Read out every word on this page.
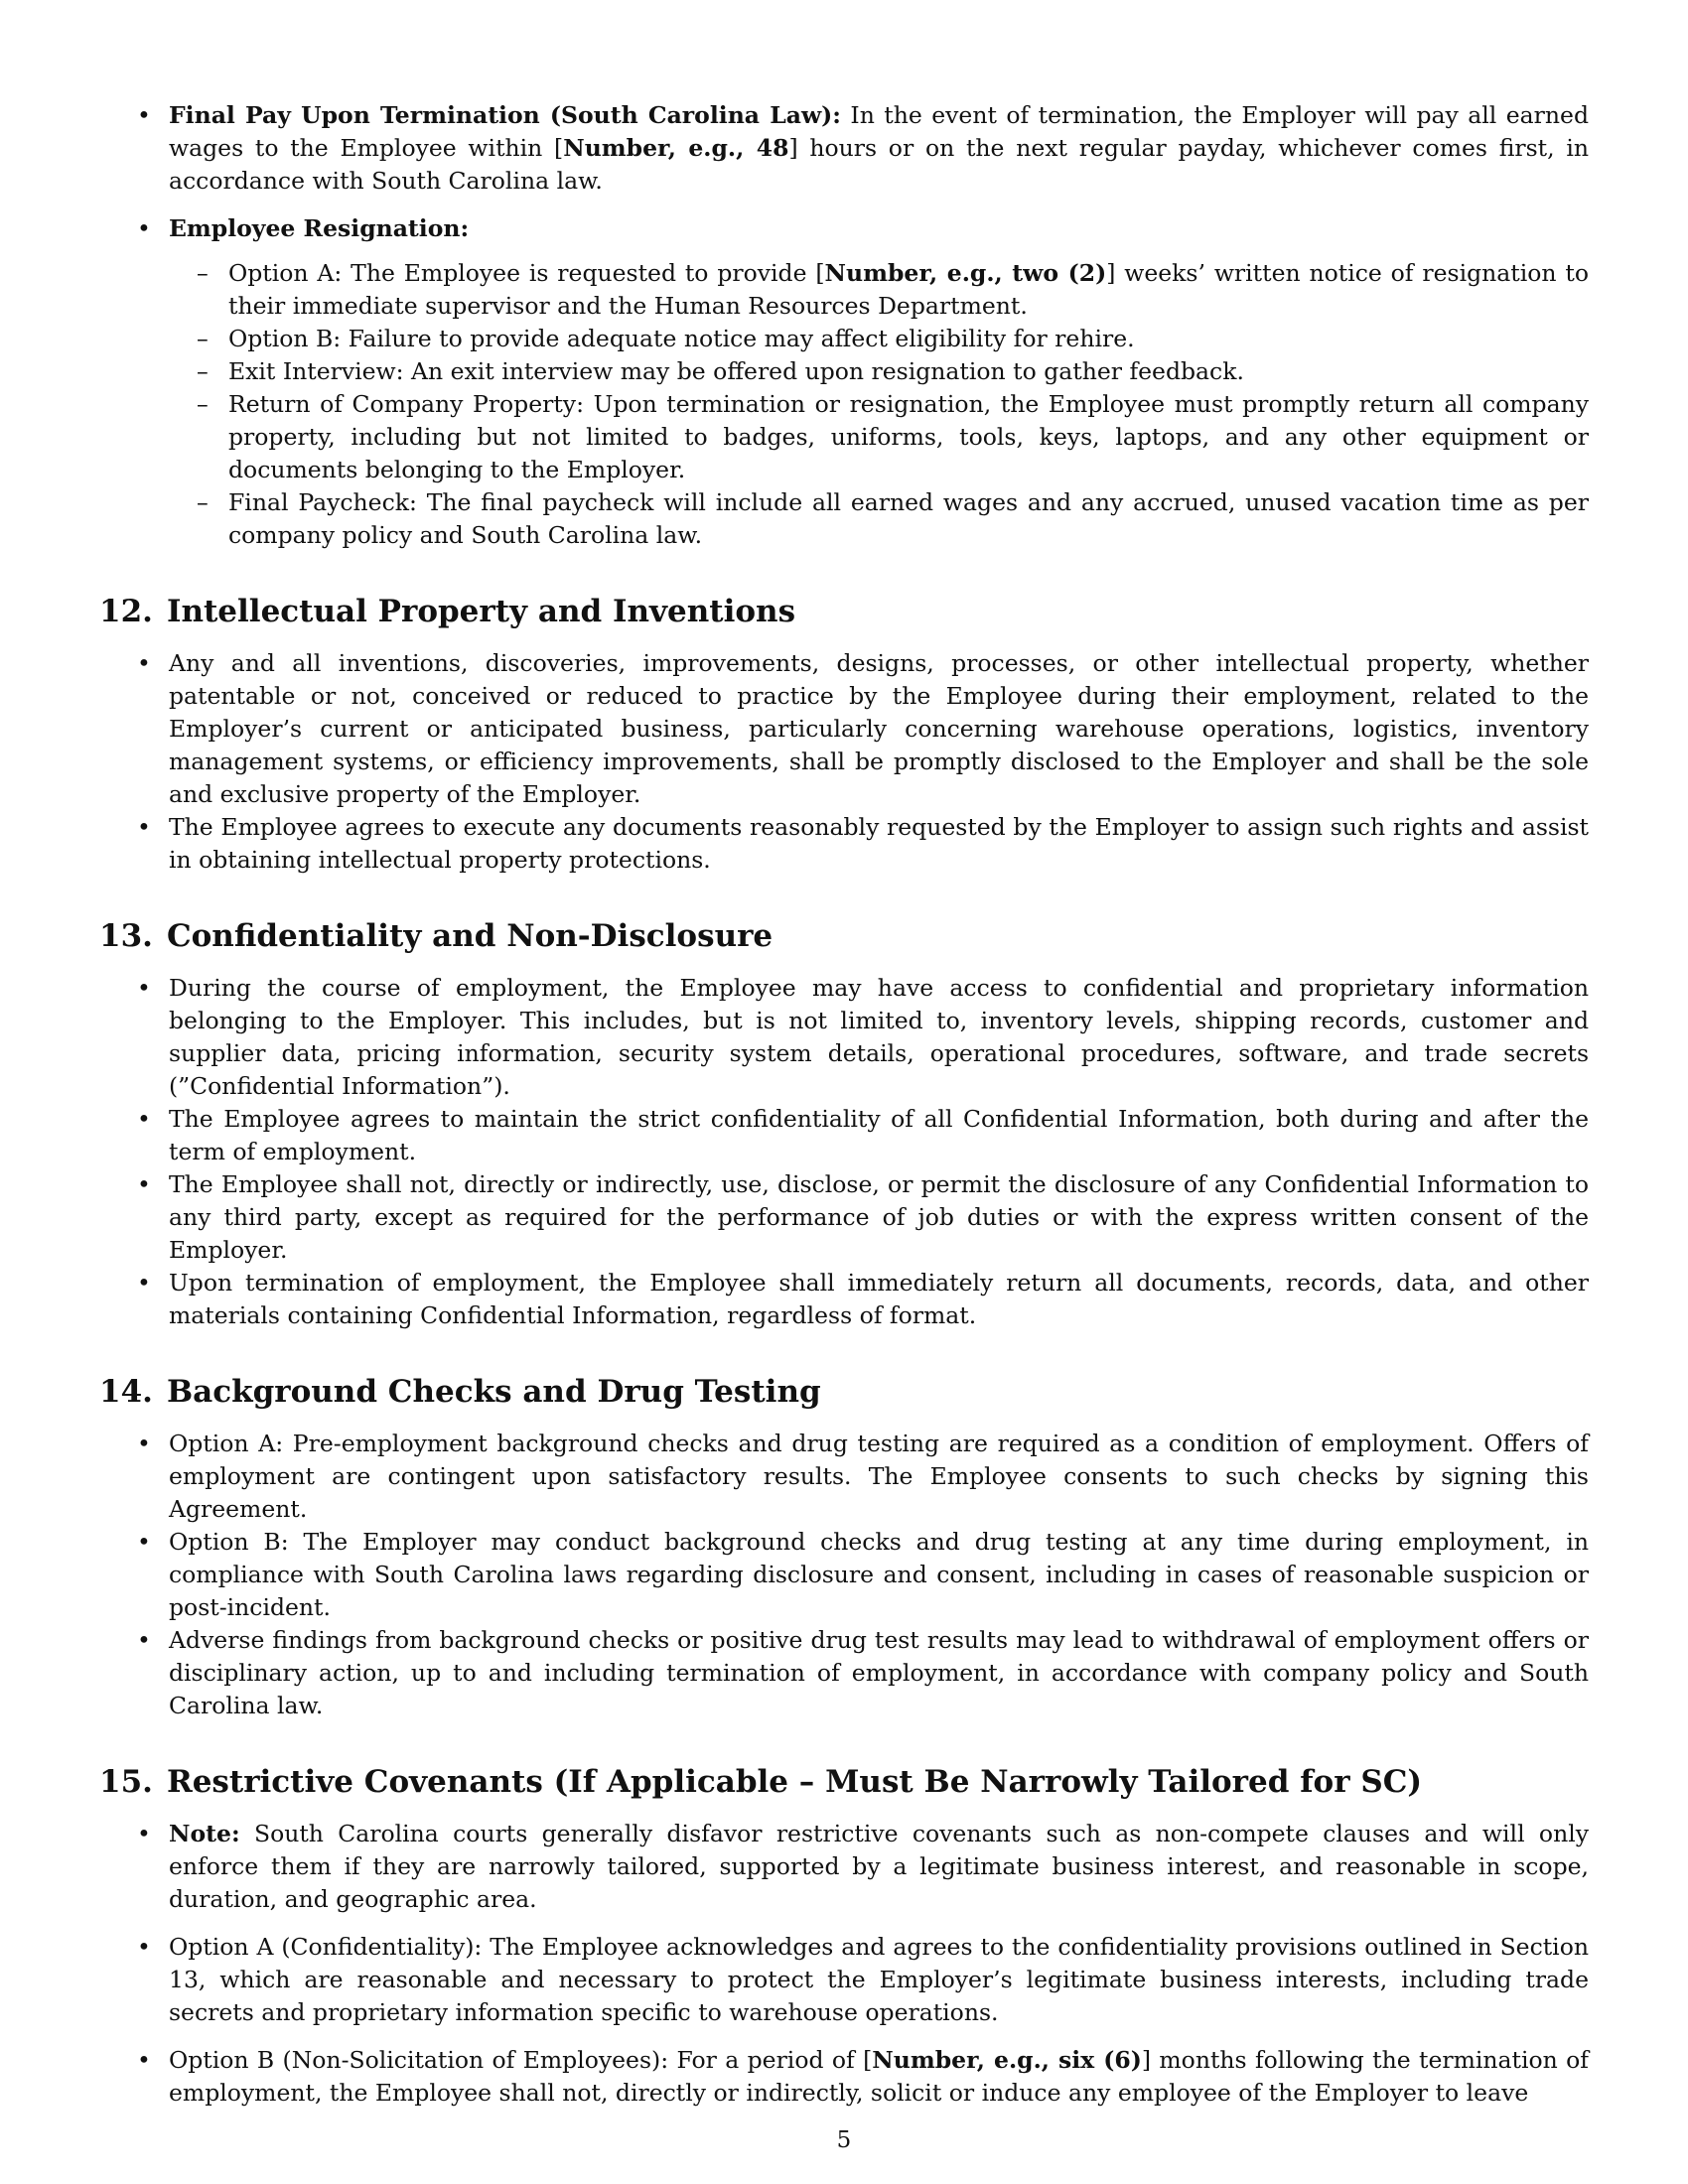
• Final Pay Upon Termination (South Carolina Law): In the event of termination, the Employer will pay all earned wages to the Employee within [Number, e.g., 48] hours or on the next regular payday, whichever comes first, in accordance with South Carolina law.
• Employee Resignation:
– Option A: The Employee is requested to provide [Number, e.g., two (2)] weeks’ written notice of resignation to their immediate supervisor and the Human Resources Department.
– Option B: Failure to provide adequate notice may affect eligibility for rehire.
– Exit Interview: An exit interview may be offered upon resignation to gather feedback.
– Return of Company Property: Upon termination or resignation, the Employee must promptly return all company property, including but not limited to badges, uniforms, tools, keys, laptops, and any other equipment or documents belonging to the Employer.
– Final Paycheck: The final paycheck will include all earned wages and any accrued, unused vacation time as per company policy and South Carolina law.
12. Intellectual Property and Inventions
• Any and all inventions, discoveries, improvements, designs, processes, or other intellectual property, whether patentable or not, conceived or reduced to practice by the Employee during their employment, related to the Employer’s current or anticipated business, particularly concerning warehouse operations, logistics, inventory management systems, or efficiency improvements, shall be promptly disclosed to the Employer and shall be the sole and exclusive property of the Employer.
• The Employee agrees to execute any documents reasonably requested by the Employer to assign such rights and assist in obtaining intellectual property protections.
13. Confidentiality and Non-Disclosure
• During the course of employment, the Employee may have access to confidential and proprietary information belonging to the Employer. This includes, but is not limited to, inventory levels, shipping records, customer and supplier data, pricing information, security system details, operational procedures, software, and trade secrets (”Confidential Information”).
• The Employee agrees to maintain the strict confidentiality of all Confidential Information, both during and after the term of employment.
• The Employee shall not, directly or indirectly, use, disclose, or permit the disclosure of any Confidential Information to any third party, except as required for the performance of job duties or with the express written consent of the Employer.
• Upon termination of employment, the Employee shall immediately return all documents, records, data, and other materials containing Confidential Information, regardless of format.
14. Background Checks and Drug Testing
• Option A: Pre-employment background checks and drug testing are required as a condition of employment. Offers of employment are contingent upon satisfactory results. The Employee consents to such checks by signing this Agreement.
• Option B: The Employer may conduct background checks and drug testing at any time during employment, in compliance with South Carolina laws regarding disclosure and consent, including in cases of reasonable suspicion or post-incident.
• Adverse findings from background checks or positive drug test results may lead to withdrawal of employment offers or disciplinary action, up to and including termination of employment, in accordance with company policy and South Carolina law.
15. Restrictive Covenants (If Applicable – Must Be Narrowly Tailored for SC)
• Note: South Carolina courts generally disfavor restrictive covenants such as non-compete clauses and will only enforce them if they are narrowly tailored, supported by a legitimate business interest, and reasonable in scope, duration, and geographic area.
• Option A (Confidentiality): The Employee acknowledges and agrees to the confidentiality provisions outlined in Section 13, which are reasonable and necessary to protect the Employer’s legitimate business interests, including trade secrets and proprietary information specific to warehouse operations.
• Option B (Non-Solicitation of Employees): For a period of [Number, e.g., six (6)] months following the termination of employment, the Employee shall not, directly or indirectly, solicit or induce any employee of the Employer to leave
5
